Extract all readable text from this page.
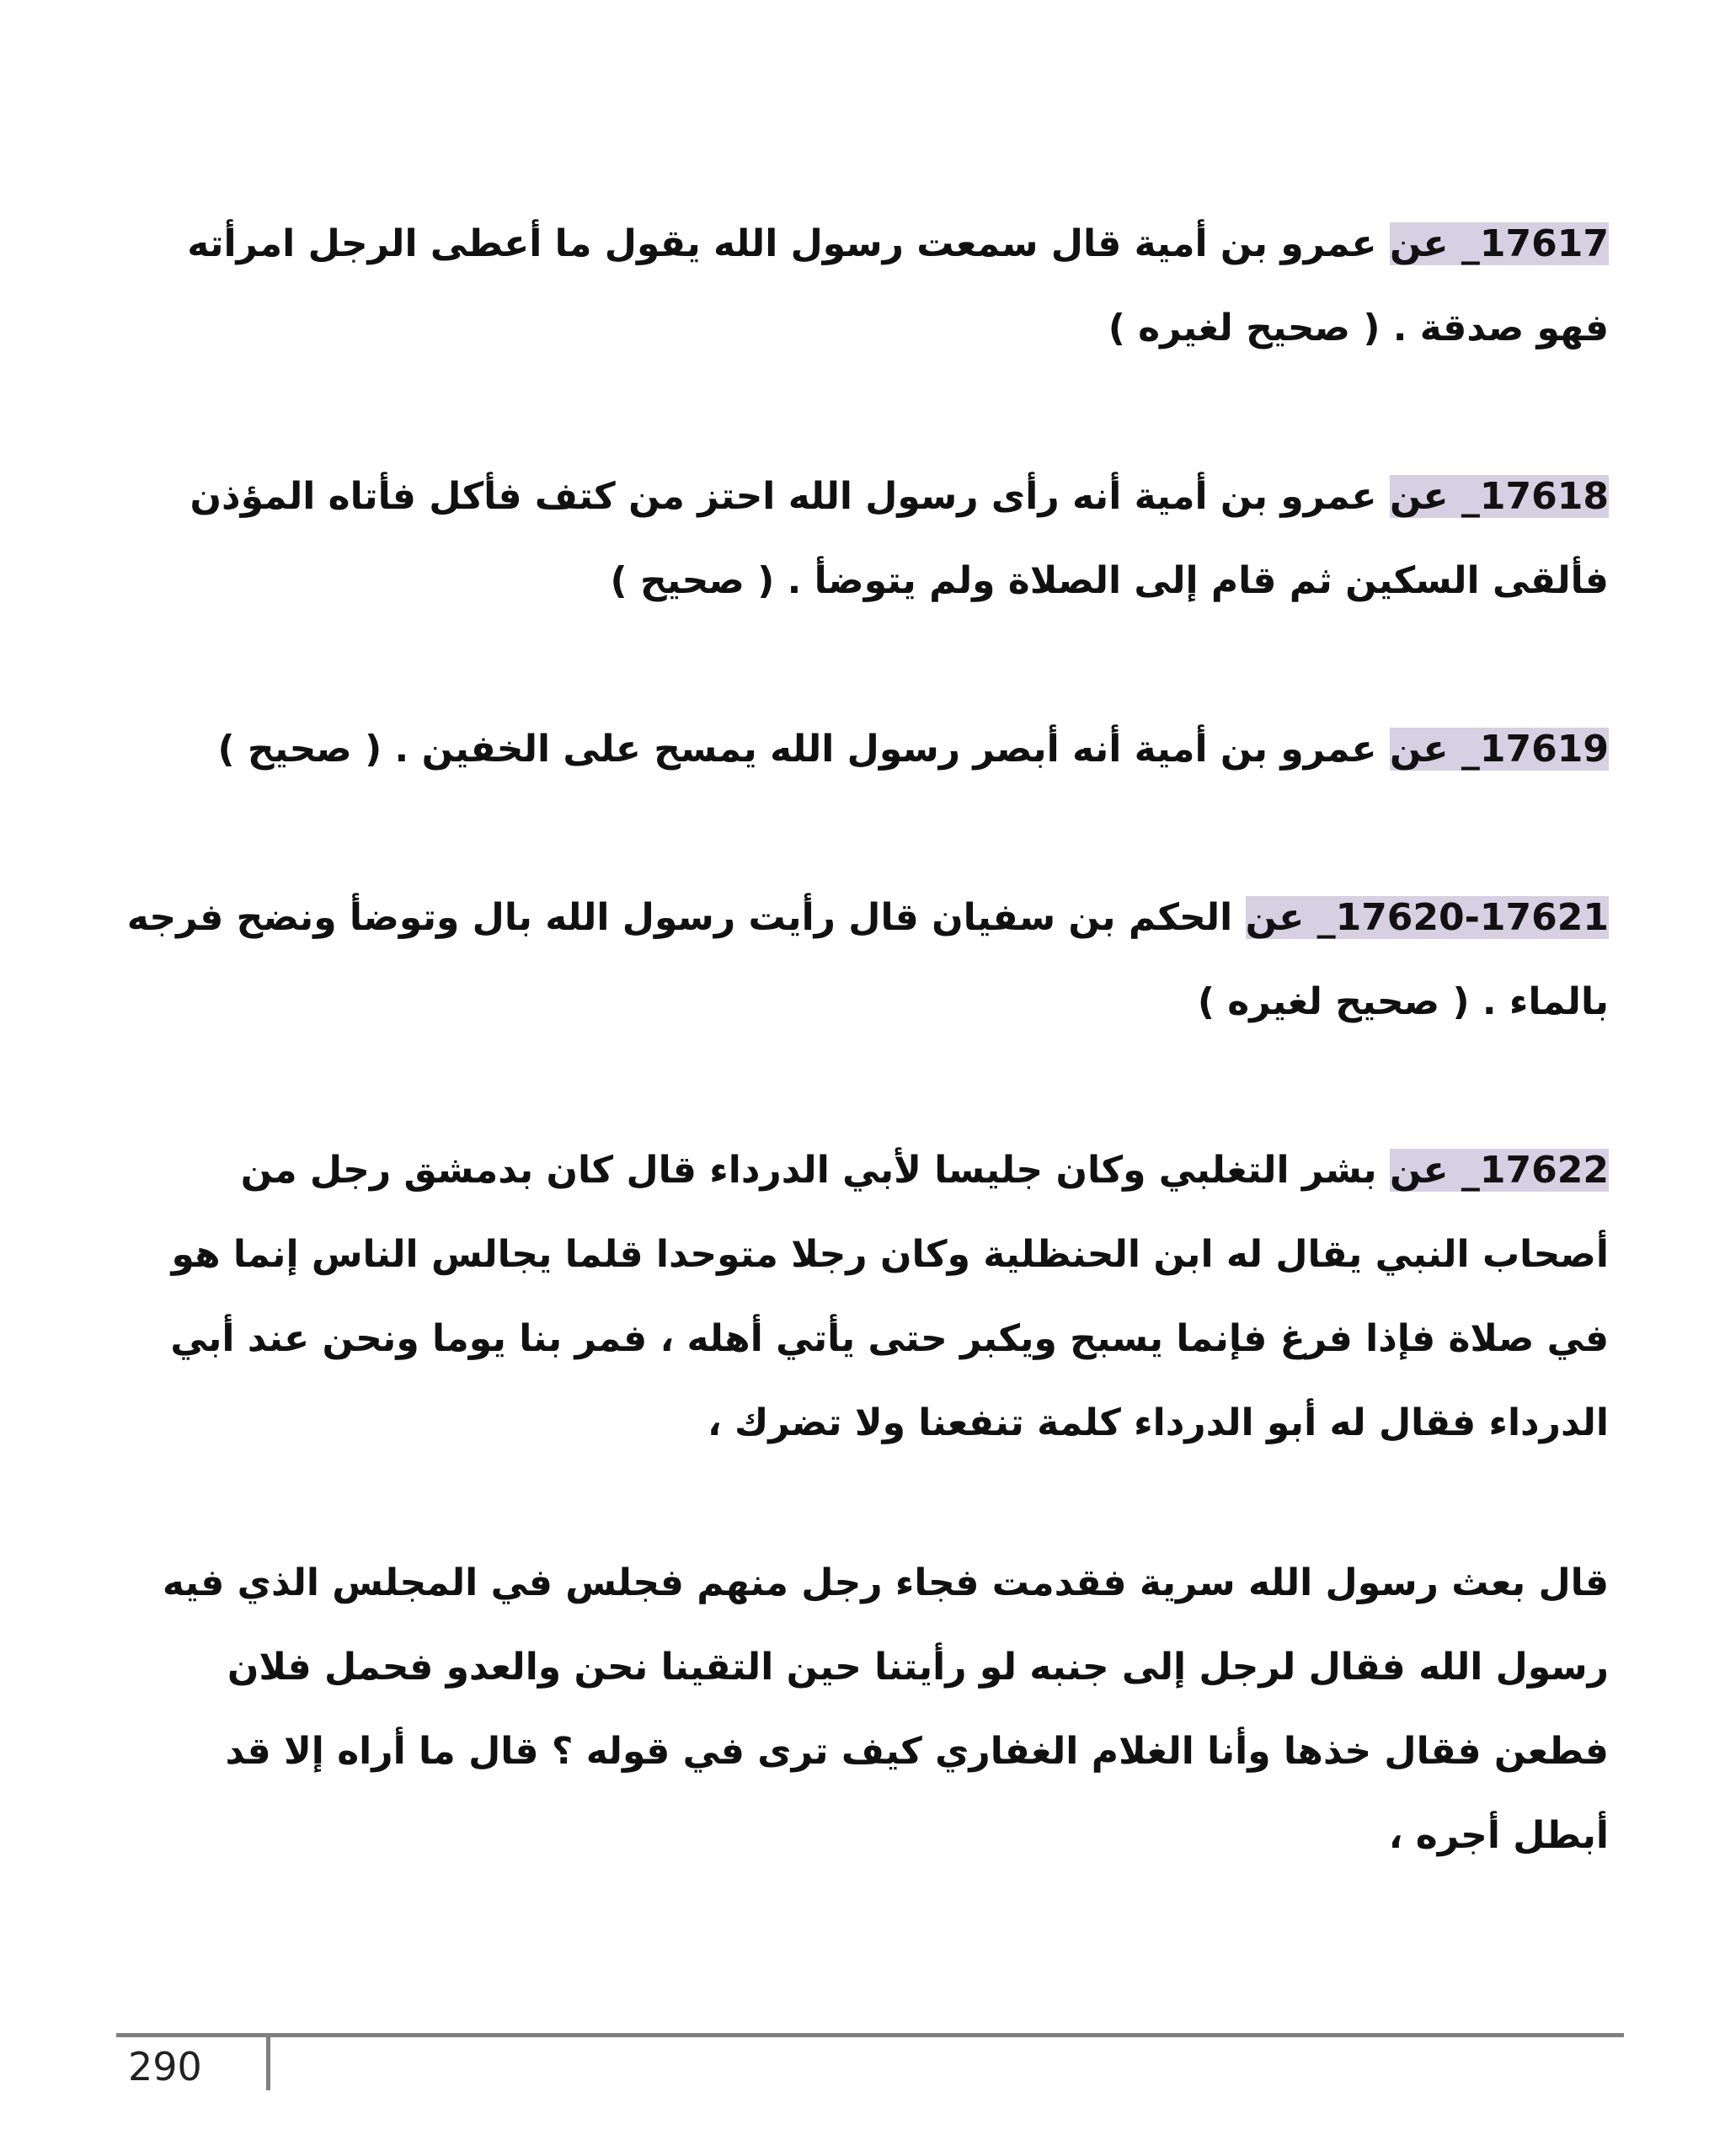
17617_ عن عمرو بن أمية قال سمعت رسول الله يقول ما أعطى الرجل امرأته فهو صدقة . ( صحيح لغيره )

17618_ عن عمرو بن أمية أنه رأى رسول الله احتز من كتف فأكل فأتاه المؤذن فألقى السكين ثم قام إلى الصلاة ولم يتوضأ . ( صحيح )

17619_ عن عمرو بن أمية أنه أبصر رسول الله يمسح على الخفين . ( صحيح )

17620-17621_ عن الحكم بن سفيان قال رأيت رسول الله بال وتوضأ ونضح فرجه بالماء . ( صحيح لغيره )

17622_ عن بشر التغلبي وكان جليسا لأبي الدرداء قال كان بدمشق رجل من أصحاب النبي يقال له ابن الحنظلية وكان رجلا متوحدا قلما يجالس الناس إنما هو في صلاة فإذا فرغ فإنما يسبح ويكبر حتى يأتي أهله ، فمر بنا يوما ونحن عند أبي الدرداء فقال له أبو الدرداء كلمة تنفعنا ولا تضرك ،

قال بعث رسول الله سرية فقدمت فجاء رجل منهم فجلس في المجلس الذي فيه رسول الله فقال لرجل إلى جنبه لو رأيتنا حين التقينا نحن والعدو فحمل فلان فطعن فقال خذها وأنا الغلام الغفاري كيف ترى في قوله ؟ قال ما أراه إلا قد أبطل أجره ،

290
